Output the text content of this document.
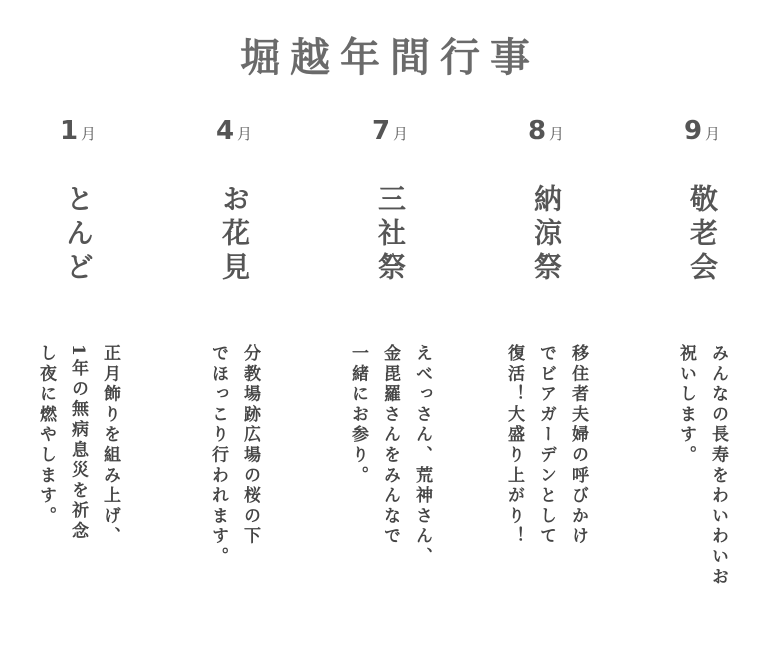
堀越年間行事
1 月
とんど

正月飾りを組み上げ、
1年の無病息災を祈念
し夜に燃やします。

4 月
お花見

分教場跡広場の桜の下
でほっこり行われます。

7 月
三社祭

えべっさん、荒神さん、
金毘羅さんをみんなで
一緒にお参り。

8 月
納涼祭

移住者夫婦の呼びかけ
でビアガーデンとして
復活！大盛り上がり！

9 月
敬老会

みんなの長寿をわいわいお
祝いします。
